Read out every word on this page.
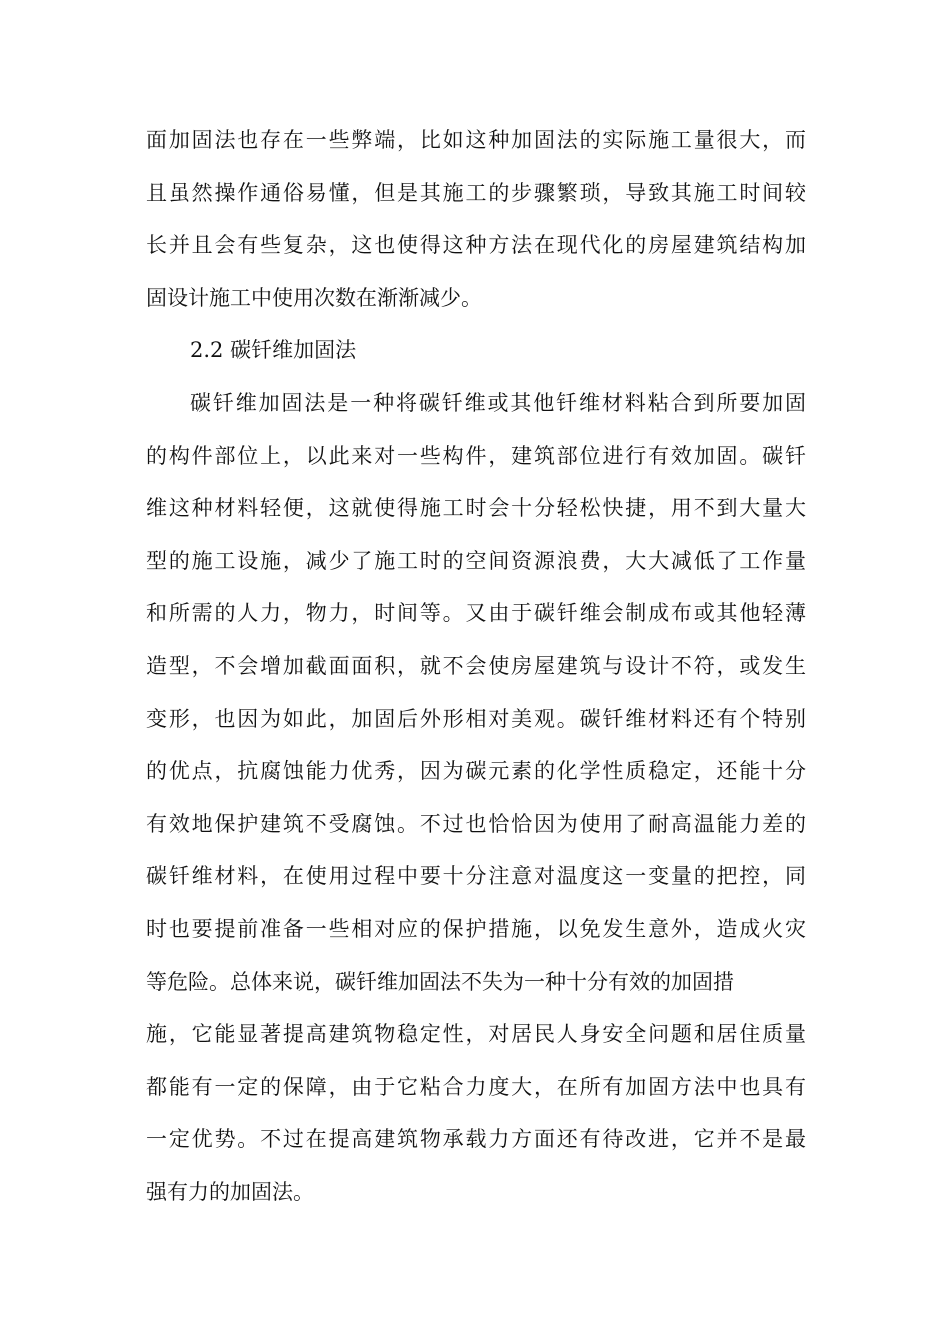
面加固法也存在一些弊端，比如这种加固法的实际施工量很大，而
且虽然操作通俗易懂，但是其施工的步骤繁琐，导致其施工时间较
长并且会有些复杂，这也使得这种方法在现代化的房屋建筑结构加
固设计施工中使用次数在渐渐减少。
2.2 碳钎维加固法
碳钎维加固法是一种将碳钎维或其他钎维材料粘合到所要加固
的构件部位上，以此来对一些构件，建筑部位进行有效加固。碳钎
维这种材料轻便，这就使得施工时会十分轻松快捷，用不到大量大
型的施工设施，减少了施工时的空间资源浪费，大大减低了工作量
和所需的人力，物力，时间等。又由于碳钎维会制成布或其他轻薄
造型，不会增加截面面积，就不会使房屋建筑与设计不符，或发生
变形，也因为如此，加固后外形相对美观。碳钎维材料还有个特别
的优点，抗腐蚀能力优秀，因为碳元素的化学性质稳定，还能十分
有效地保护建筑不受腐蚀。不过也恰恰因为使用了耐高温能力差的
碳钎维材料，在使用过程中要十分注意对温度这一变量的把控，同
时也要提前准备一些相对应的保护措施，以免发生意外，造成火灾
等危险。总体来说，碳钎维加固法不失为一种十分有效的加固措
施，它能显著提高建筑物稳定性，对居民人身安全问题和居住质量
都能有一定的保障，由于它粘合力度大，在所有加固方法中也具有
一定优势。不过在提高建筑物承载力方面还有待改进，它并不是最
强有力的加固法。
